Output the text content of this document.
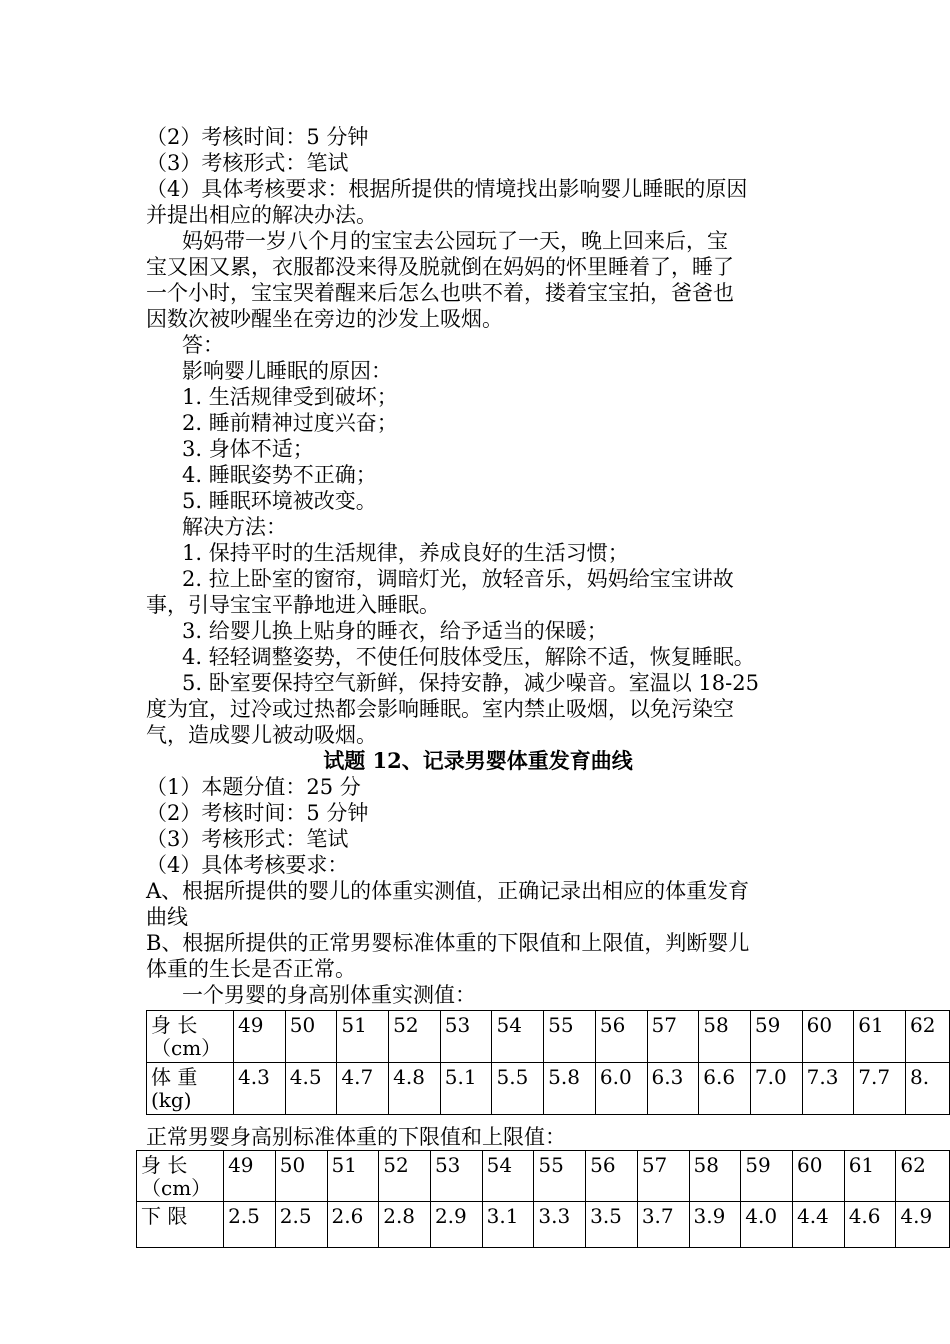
（2）考核时间：5 分钟
（3）考核形式：笔试
（4）具体考核要求：根据所提供的情境找出影响婴儿睡眠的原因
并提出相应的解决办法。
妈妈带一岁八个月的宝宝去公园玩了一天，晚上回来后，宝
宝又困又累，衣服都没来得及脱就倒在妈妈的怀里睡着了，睡了
一个小时，宝宝哭着醒来后怎么也哄不着，搂着宝宝拍，爸爸也
因数次被吵醒坐在旁边的沙发上吸烟。
答：
影响婴儿睡眠的原因：
1. 生活规律受到破坏；
2. 睡前精神过度兴奋；
3. 身体不适；
4. 睡眠姿势不正确；
5. 睡眠环境被改变。
解决方法：
1. 保持平时的生活规律，养成良好的生活习惯；
2. 拉上卧室的窗帘，调暗灯光，放轻音乐，妈妈给宝宝讲故
事，引导宝宝平静地进入睡眠。
3. 给婴儿换上贴身的睡衣，给予适当的保暖；
4. 轻轻调整姿势，不使任何肢体受压，解除不适，恢复睡眠。
5. 卧室要保持空气新鲜，保持安静，减少噪音。室温以 18-25
度为宜，过冷或过热都会影响睡眠。室内禁止吸烟，以免污染空
气，造成婴儿被动吸烟。
试题 12、记录男婴体重发育曲线
（1）本题分值：25 分
（2）考核时间：5 分钟
（3）考核形式：笔试
（4）具体考核要求：
A、根据所提供的婴儿的体重实测值，正确记录出相应的体重发育
曲线
B、根据所提供的正常男婴标准体重的下限值和上限值，判断婴儿
体重的生长是否正常。
一个男婴的身高别体重实测值：
身 长
（cm）	49	50	51	52	53	54	55	56	57	58	59	60	61	62

体 重
(kg)	4.3	4.5	4.7	4.8	5.1	5.5	5.8	6.0	6.3	6.6	7.0	7.3	7.7	8.
正常男婴身高别标准体重的下限值和上限值：
身 长
（cm）	49	50	51	52	53	54	55	56	57	58	59	60	61	62

下 限	2.5	2.5	2.6	2.8	2.9	3.1	3.3	3.5	3.7	3.9	4.0	4.4	4.6	4.9
